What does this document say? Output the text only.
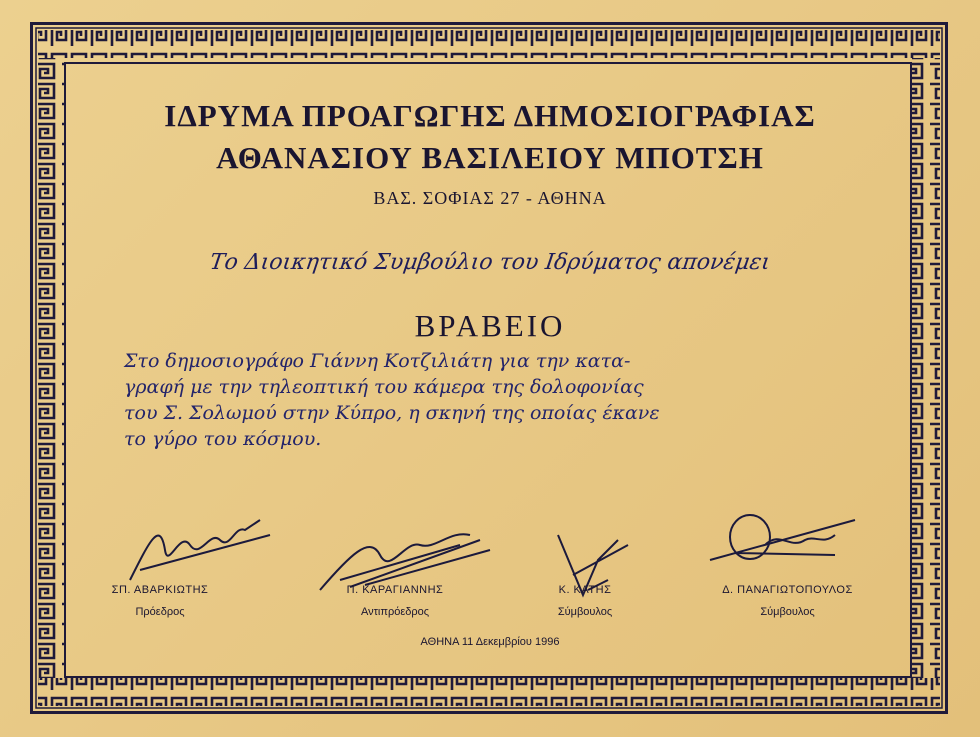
ΙΔΡΥΜΑ ΠΡΟΑΓΩΓΗΣ ΔΗΜΟΣΙΟΓΡΑΦΙΑΣ
ΑΘΑΝΑΣΙΟΥ ΒΑΣΙΛΕΙΟΥ ΜΠΟΤΣΗ
ΒΑΣ. ΣΟΦΙΑΣ 27 - ΑΘΗΝΑ
Το Διοικητικό Συμβούλιο του Ιδρύματος απονέμει
ΒΡΑΒΕΙΟ
Στο δημοσιογράφο Γιάννη Κοτζιλιάτη για την κατα-
γραφή με την τηλεοπτική του κάμερα της δολοφονίας
του Σ. Σολωμού στην Κύπρο, η σκηνή της οποίας έκανε
το γύρο του κόσμου.
ΣΠ. ΑΒΑΡΚΙΩΤΗΣ
Πρόεδρος
Π. ΚΑΡΑΓΙΑΝΝΗΣ
Αντιπρόεδρος
Κ. ΚΑΤΗΣ
Σύμβουλος
Δ. ΠΑΝΑΓΙΩΤΟΠΟΥΛΟΣ
Σύμβουλος
ΑΘΗΝΑ 11 Δεκεμβρίου 1996
